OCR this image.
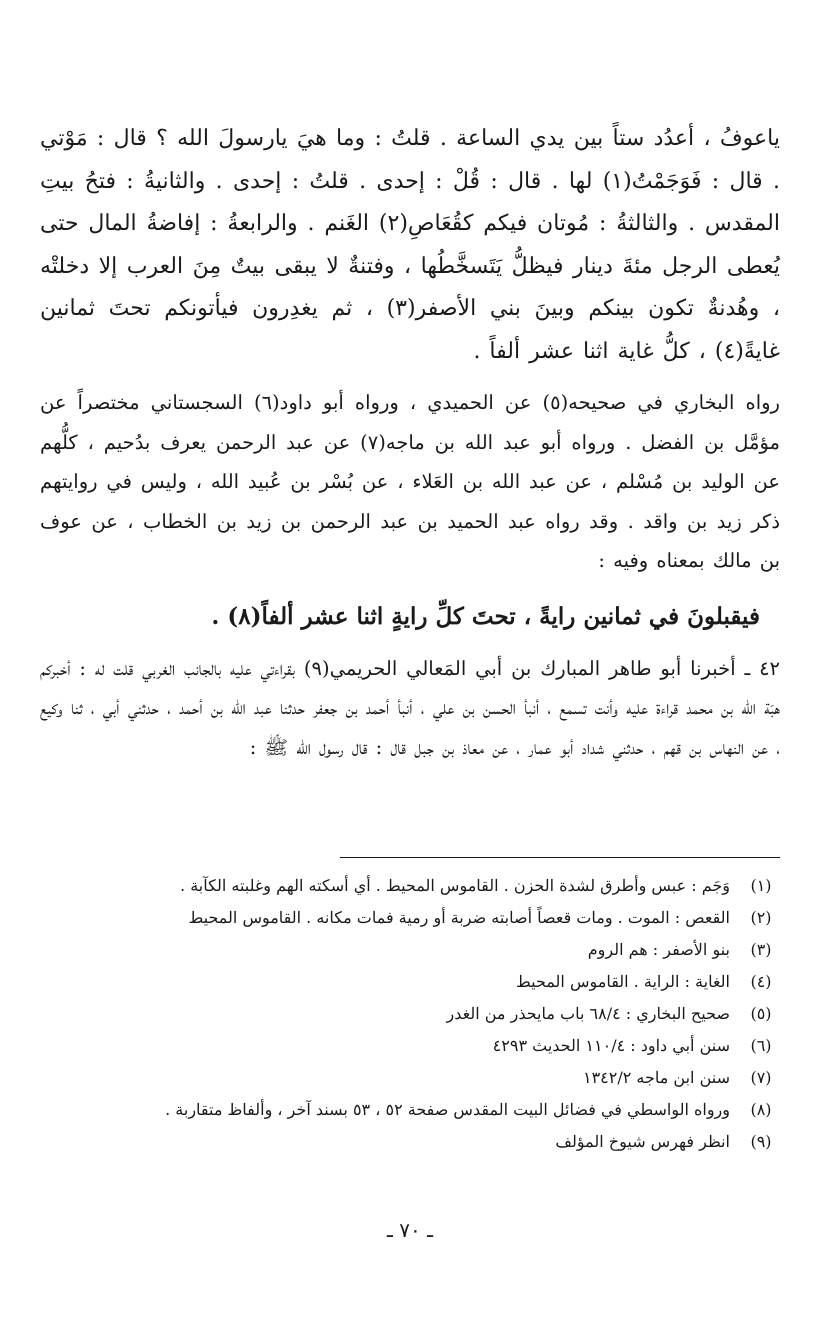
ياعوفُ ، أعدُد ستاً بين يدي الساعة . قلتُ : وما هيَ يارسولَ الله ؟ قال : مَوْتي . قال : فَوَجَمْتُ(١) لها . قال : قُلْ : إحدى . قلتُ : إحدى . والثانيةُ : فتحُ بيتِ المقدس . والثالثةُ : مُوتان فيكم كقُعَاصِ(٢) الغَنم . والرابعةُ : إفاضةُ المال حتى يُعطى الرجل مئةَ دينار فيظلُّ يَتَسخَّطُها ، وفتنةٌ لا يبقى بيتٌ مِنَ العرب إلا دخلتْه ، وهُدنةٌ تكون بينكم وبينَ بني الأصفر(٣) ، ثم يغدِرون فيأتونكم تحتَ ثمانين غايةً(٤) ، كلُّ غاية اثنا عشر ألفاً .

رواه البخاري في صحيحه(٥) عن الحميدي ، ورواه أبو داود(٦) السجستاني مختصراً عن مؤمَّل بن الفضل . ورواه أبو عبد الله بن ماجه(٧) عن عبد الرحمن يعرف بدُحيم ، كلُّهم عن الوليد بن مُسْلم ، عن عبد الله بن العَلاء ، عن بُسْر بن عُبيد الله ، وليس في روايتهم ذكر زيد بن واقد . وقد رواه عبد الحميد بن عبد الرحمن بن زيد بن الخطاب ، عن عوف بن مالك بمعناه وفيه :

فيقبلونَ في ثمانين رايةً ، تحتَ كلِّ رايةٍ اثنا عشر ألفاً(٨) .

٤٢ ـ أخبرنا أبو طاهر المبارك بن أبي المَعالي الحريمي(٩) بقراءتي عليه بالجانب الغربي قلت له : أخبركم هبَة الله بن محمد قراءة عليه وأنت تسمع ، أنبأ الحسن بن علي ، أنبأ أحمد بن جعفر حدثنا عبد الله بن أحمد ، حدثني أبي ، ثنا وكيع ، عن النهاس بن قهم ، حدثني شداد أبو عمار ، عن معاذ بن جبل قال : قال رسول الله ﷺ :

(١)
وَجَم : عبس وأطرق لشدة الحزن . القاموس المحيط . أي أسكته الهم وغلبته الكآبة .
(٢)
القعص : الموت . ومات قعصاً أصابته ضربة أو رمية فمات مكانه . القاموس المحيط
(٣)
بنو الأصفر : هم الروم
(٤)
الغاية : الراية . القاموس المحيط
(٥)
صحيح البخاري : ٦٨/٤ باب مايحذر من الغدر
(٦)
سنن أبي داود : ١١٠/٤ الحديث ٤٢٩٣
(٧)
سنن ابن ماجه ١٣٤٢/٢
(٨)
ورواه الواسطي في فضائل البيت المقدس صفحة ٥٢ ، ٥٣ بسند آخر ، وألفاظ متقاربة .
(٩)
انظر فهرس شيوخ المؤلف
ـ ٧٠ ـ
